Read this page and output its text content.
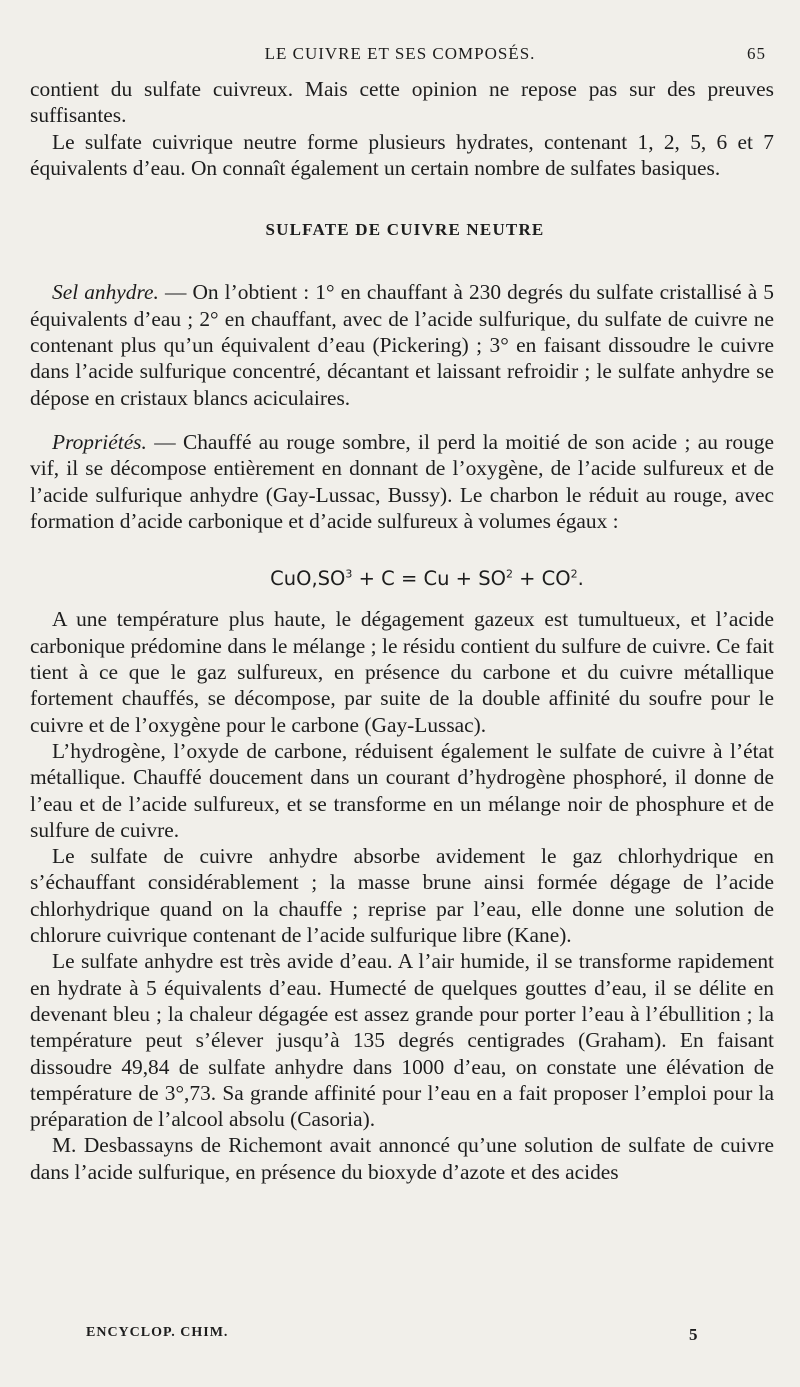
LE CUIVRE ET SES COMPOSÉS.	65

contient du sulfate cuivreux. Mais cette opinion ne repose pas sur des preuves suffisantes.

Le sulfate cuivrique neutre forme plusieurs hydrates, contenant 1, 2, 5, 6 et 7 équivalents d’eau. On connaît également un certain nombre de sulfates basiques.

SULFATE DE CUIVRE NEUTRE

Sel anhydre. — On l’obtient : 1° en chauffant à 230 degrés du sulfate cristallisé à 5 équivalents d’eau ; 2° en chauffant, avec de l’acide sulfurique, du sulfate de cuivre ne contenant plus qu’un équivalent d’eau (Pickering) ; 3° en faisant dissoudre le cuivre dans l’acide sulfurique concentré, décantant et laissant refroidir ; le sulfate anhydre se dépose en cristaux blancs aciculaires.

Propriétés. — Chauffé au rouge sombre, il perd la moitié de son acide ; au rouge vif, il se décompose entièrement en donnant de l’oxygène, de l’acide sulfureux et de l’acide sulfurique anhydre (Gay-Lussac, Bussy). Le charbon le réduit au rouge, avec formation d’acide carbonique et d’acide sulfureux à volumes égaux :

$CuO,SO^3 + C = Cu + SO^2 + CO^2$.

A une température plus haute, le dégagement gazeux est tumultueux, et l’acide carbonique prédomine dans le mélange ; le résidu contient du sulfure de cuivre. Ce fait tient à ce que le gaz sulfureux, en présence du carbone et du cuivre métallique fortement chauffés, se décompose, par suite de la double affinité du soufre pour le cuivre et de l’oxygène pour le carbone (Gay-Lussac).

L’hydrogène, l’oxyde de carbone, réduisent également le sulfate de cuivre à l’état métallique. Chauffé doucement dans un courant d’hydrogène phosphoré, il donne de l’eau et de l’acide sulfureux, et se transforme en un mélange noir de phosphure et de sulfure de cuivre.

Le sulfate de cuivre anhydre absorbe avidement le gaz chlorhydrique en s’échauffant considérablement ; la masse brune ainsi formée dégage de l’acide chlorhydrique quand on la chauffe ; reprise par l’eau, elle donne une solution de chlorure cuivrique contenant de l’acide sulfurique libre (Kane).

Le sulfate anhydre est très avide d’eau. A l’air humide, il se transforme rapidement en hydrate à 5 équivalents d’eau. Humecté de quelques gouttes d’eau, il se délite en devenant bleu ; la chaleur dégagée est assez grande pour porter l’eau à l’ébullition ; la température peut s’élever jusqu’à 135 degrés centigrades (Graham). En faisant dissoudre 49,84 de sulfate anhydre dans 1000 d’eau, on constate une élévation de température de 3°,73. Sa grande affinité pour l’eau en a fait proposer l’emploi pour la préparation de l’alcool absolu (Casoria).

M. Desbassayns de Richemont avait annoncé qu’une solution de sulfate de cuivre dans l’acide sulfurique, en présence du bioxyde d’azote et des acides

ENCYCLOP. CHIM.	5
